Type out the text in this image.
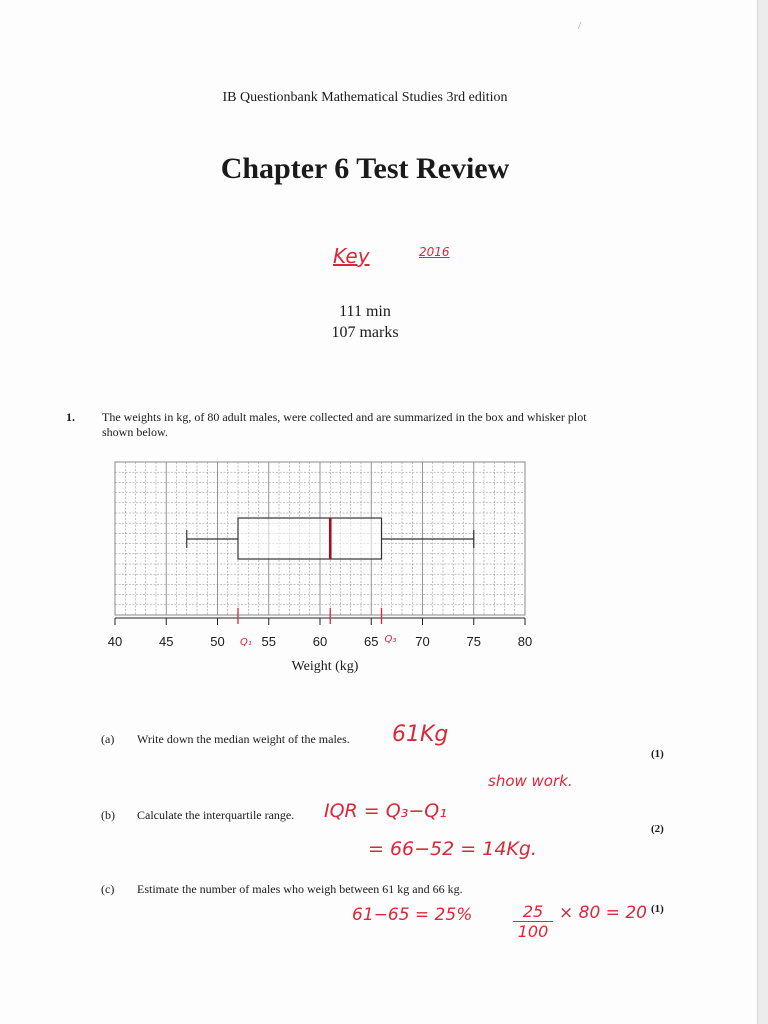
/
IB Questionbank Mathematical Studies 3rd edition
Chapter 6 Test Review
Key	2016
111 min
107 marks
1. The weights in kg, of 80 adult males, were collected and are summarized in the box and whisker plot shown below.
40	45	50	55	60	65	70	75	80
Weight (kg)
Q₁	Q₃
(a) Write down the median weight of the males. 61Kg
(1)
show work.
(b) Calculate the interquartile range. IQR = Q₃−Q₁
= 66−52 = 14Kg.
(2)
(c) Estimate the number of males who weigh between 61 kg and 66 kg.
61−65 = 25%	$\frac{25}{100} \times 80 = 20$ (1)
